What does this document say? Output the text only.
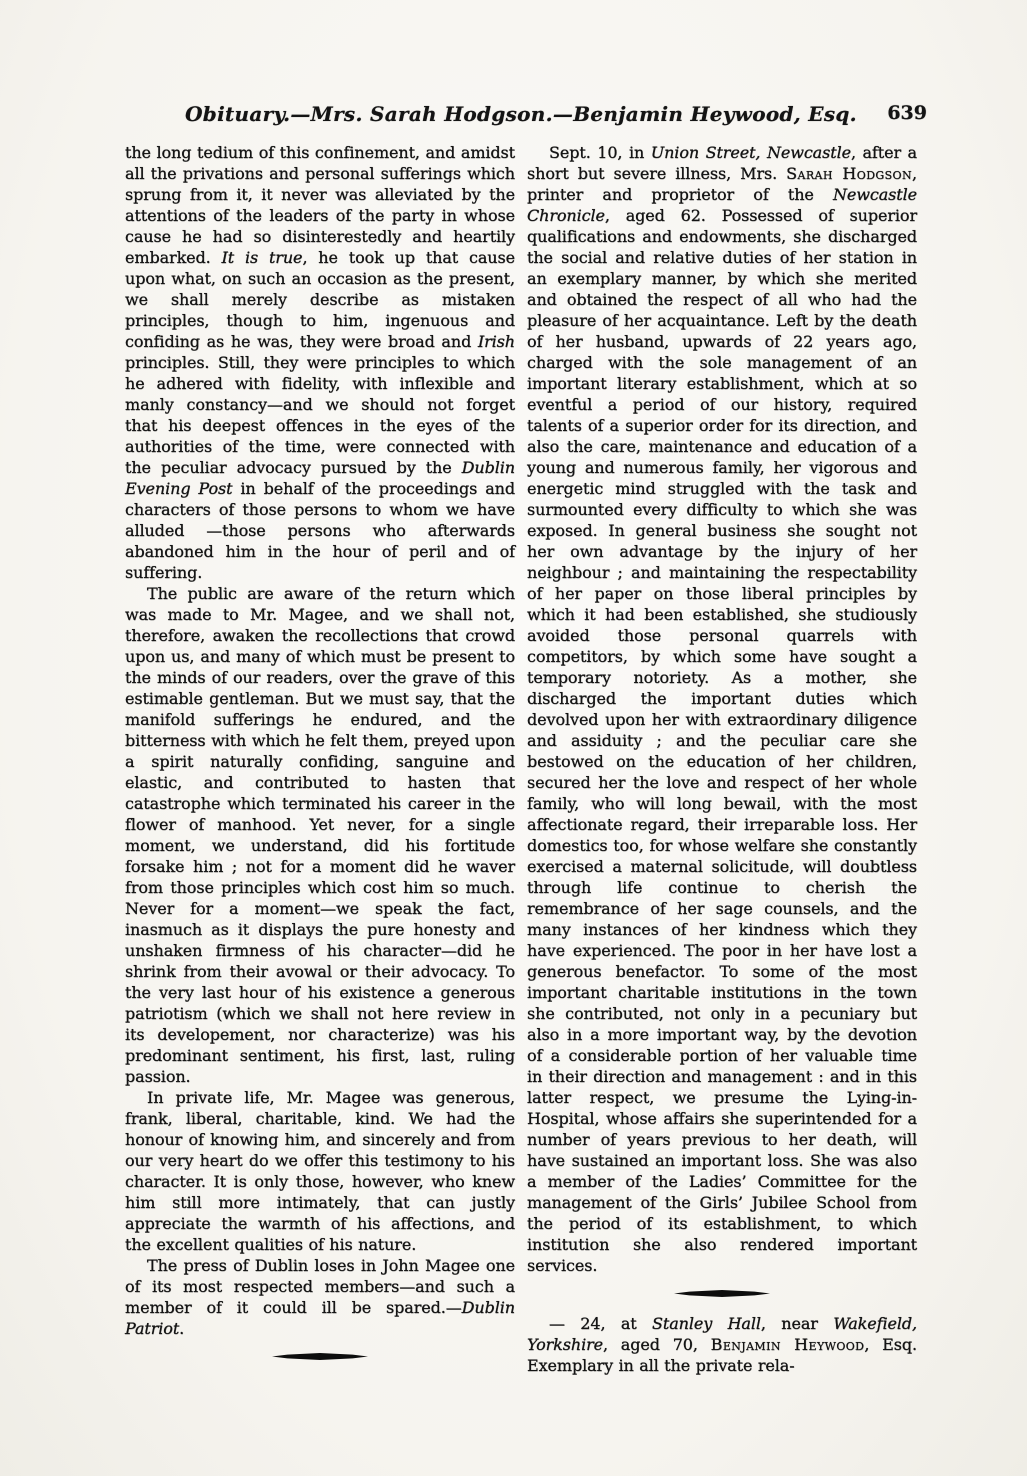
Obituary.—Mrs. Sarah Hodgson.—Benjamin Heywood, Esq.	639

the long tedium of this confinement, and amidst all the privations and personal sufferings which sprung from it, it never was alleviated by the attentions of the leaders of the party in whose cause he had so disinterestedly and heartily embarked. It is true, he took up that cause upon what, on such an occasion as the present, we shall merely describe as mistaken principles, though to him, ingenuous and confiding as he was, they were broad and Irish principles. Still, they were principles to which he adhered with fidelity, with inflexible and manly constancy—and we should not forget that his deepest offences in the eyes of the authorities of the time, were connected with the peculiar advocacy pursued by the Dublin Evening Post in behalf of the proceedings and characters of those persons to whom we have alluded —those persons who afterwards abandoned him in the hour of peril and of suffering.

The public are aware of the return which was made to Mr. Magee, and we shall not, therefore, awaken the recollections that crowd upon us, and many of which must be present to the minds of our readers, over the grave of this estimable gentleman. But we must say, that the manifold sufferings he endured, and the bitterness with which he felt them, preyed upon a spirit naturally confiding, sanguine and elastic, and contributed to hasten that catastrophe which terminated his career in the flower of manhood. Yet never, for a single moment, we understand, did his fortitude forsake him ; not for a moment did he waver from those principles which cost him so much. Never for a moment—we speak the fact, inasmuch as it displays the pure honesty and unshaken firmness of his character—did he shrink from their avowal or their advocacy. To the very last hour of his existence a generous patriotism (which we shall not here review in its developement, nor characterize) was his predominant sentiment, his first, last, ruling passion.

In private life, Mr. Magee was generous, frank, liberal, charitable, kind. We had the honour of knowing him, and sincerely and from our very heart do we offer this testimony to his character. It is only those, however, who knew him still more intimately, that can justly appreciate the warmth of his affections, and the excellent qualities of his nature.

The press of Dublin loses in John Magee one of its most respected members—and such a member of it could ill be spared.—Dublin Patriot.

Sept. 10, in Union Street, Newcastle, after a short but severe illness, Mrs. Sarah Hodgson, printer and proprietor of the Newcastle Chronicle, aged 62. Possessed of superior qualifications and endowments, she discharged the social and relative duties of her station in an exemplary manner, by which she merited and obtained the respect of all who had the pleasure of her acquaintance. Left by the death of her husband, upwards of 22 years ago, charged with the sole management of an important literary establishment, which at so eventful a period of our history, required talents of a superior order for its direction, and also the care, maintenance and education of a young and numerous family, her vigorous and energetic mind struggled with the task and surmounted every difficulty to which she was exposed. In general business she sought not her own advantage by the injury of her neighbour ; and maintaining the respectability of her paper on those liberal principles by which it had been established, she studiously avoided those personal quarrels with competitors, by which some have sought a temporary notoriety. As a mother, she discharged the important duties which devolved upon her with extraordinary diligence and assiduity ; and the peculiar care she bestowed on the education of her children, secured her the love and respect of her whole family, who will long bewail, with the most affectionate regard, their irreparable loss. Her domestics too, for whose welfare she constantly exercised a maternal solicitude, will doubtless through life continue to cherish the remembrance of her sage counsels, and the many instances of her kindness which they have experienced. The poor in her have lost a generous benefactor. To some of the most important charitable institutions in the town she contributed, not only in a pecuniary but also in a more important way, by the devotion of a considerable portion of her valuable time in their direction and management : and in this latter respect, we presume the Lying-in-Hospital, whose affairs she superintended for a number of years previous to her death, will have sustained an important loss. She was also a member of the Ladies’ Committee for the management of the Girls’ Jubilee School from the period of its establishment, to which institution she also rendered important services.

— 24, at Stanley Hall, near Wakefield, Yorkshire, aged 70, Benjamin Heywood, Esq. Exemplary in all the private rela-
